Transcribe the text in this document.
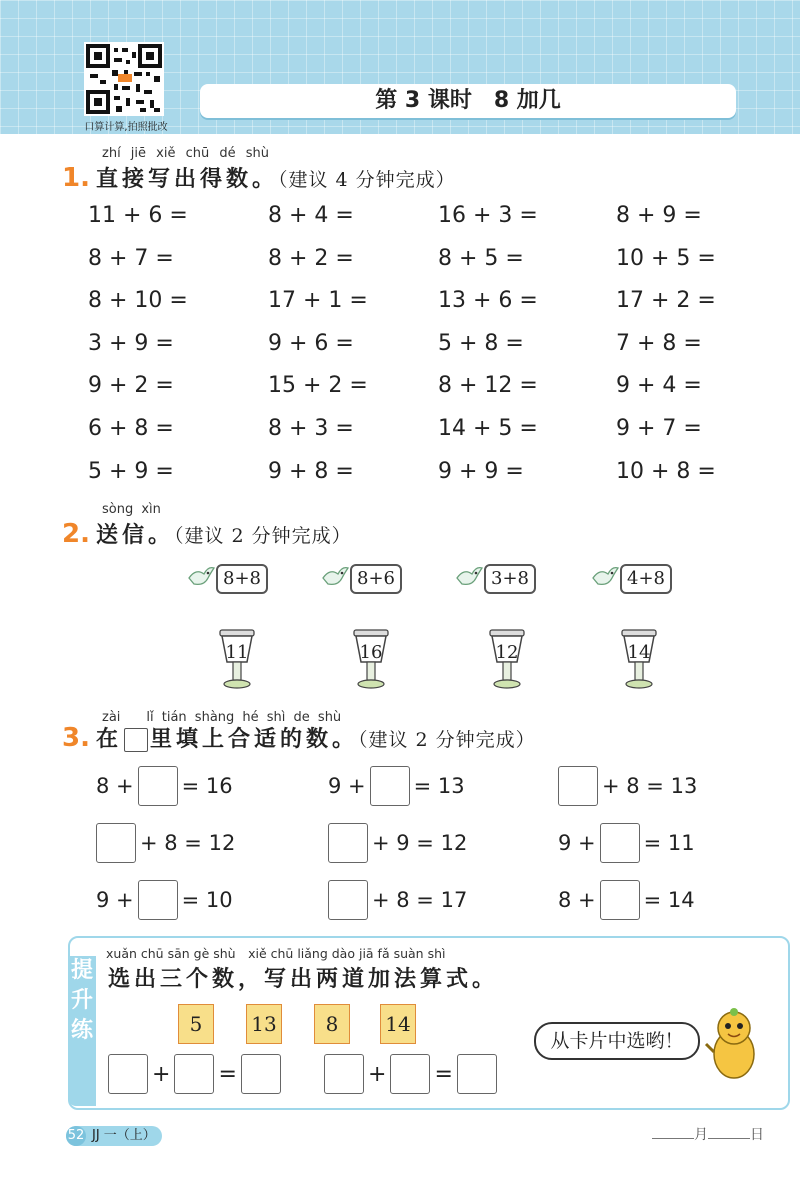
口算计算,拍照批改
第 3 课时　8 加几
zhí jiē xiě chū dé shù
1. 直接写出得数。（建议 4 分钟完成）
11 + 6 =	8 + 4 =	16 + 3 =	8 + 9 =
8 + 7 =	8 + 2 =	8 + 5 =	10 + 5 =
8 + 10 =	17 + 1 =	13 + 6 =	17 + 2 =
3 + 9 =	9 + 6 =	5 + 8 =	7 + 8 =
9 + 2 =	15 + 2 =	8 + 12 =	9 + 4 =
6 + 8 =	8 + 3 =	14 + 5 =	9 + 7 =
5 + 9 =	9 + 8 =	9 + 9 =	10 + 8 =
sòng xìn
2. 送信。（建议 2 分钟完成）
8+8	8+6	3+8	4+8
11	16	12	14
zài　　lǐ tián shàng hé shì de shù
3. 在 里填上合适的数。（建议 2 分钟完成）
8 + = 16	9 + = 13	+ 8 = 13
+ 8 = 12	+ 9 = 12	9 + = 11
9 + = 10	+ 8 = 17	8 + = 14
提升练
xuǎn chū sān gè shù　xiě chū liǎng dào jiā fǎ suàn shì
选出三个数，写出两道加法算式。
5	13	8	14
+ =	+ =
从卡片中选哟！
52 JJ 一（上）	月	日
